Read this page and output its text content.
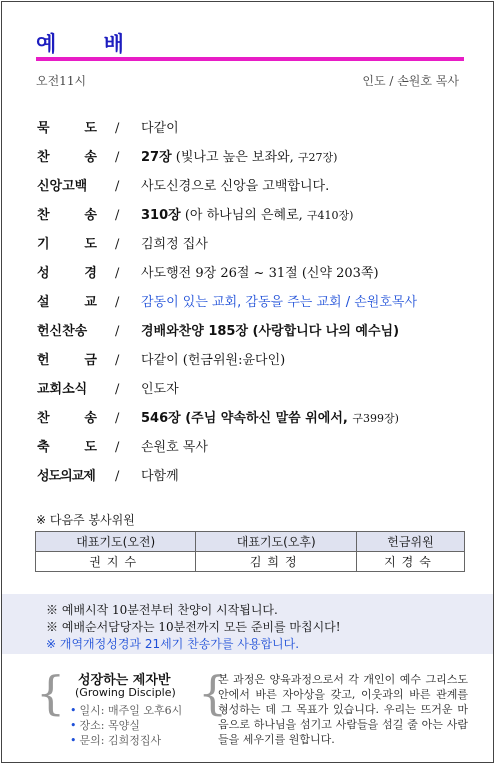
예 배
오전11시	인도 / 손원호 목사
묵 도 / 다같이
찬 송 / 27장 (빛나고 높은 보좌와, 구27장)
신앙고백	/ 사도신경으로 신앙을 고백합니다.
찬 송 / 310장 (아 하나님의 은혜로, 구410장)
기 도 / 김희정 집사
성 경 / 사도행전 9장 26절 ~ 31절 (신약 203쪽)
설 교 / 감동이 있는 교회, 감동을 주는 교회 / 손원호목사
헌신찬송	/ 경배와찬양 185장 (사랑합니다 나의 예수님)
헌 금 / 다같이 (헌금위원:윤다인)
교회소식	/ 인도자
찬 송 / 546장 (주님 약속하신 말씀 위에서, 구399장)
축 도 / 손원호 목사
성도의교제 / 다함께
※ 다음주 봉사위원
대표기도(오전)	대표기도(오후)	헌금위원
권지수	김희정	지경숙
※ 예배시작 10분전부터 찬양이 시작됩니다.
※ 예배순서담당자는 10분전까지 모든 준비를 마칩시다!
※ 개역개정성경과 21세기 찬송가를 사용합니다.
{ 성장하는 제자반
(Growing Disciple)
• 일시: 매주일 오후6시
• 장소: 목양실
• 문의: 김희정집사
{
본 과정은 양육과정으로서 각 개인이 예수 그리스도 안에서 바른 자아상을 갖고, 이웃과의 바른 관계를 형성하는 데 그 목표가 있습니다. 우리는 뜨거운 마음으로 하나님을 섬기고 사람들을 섬길 줄 아는 사람들을 세우기를 원합니다.
